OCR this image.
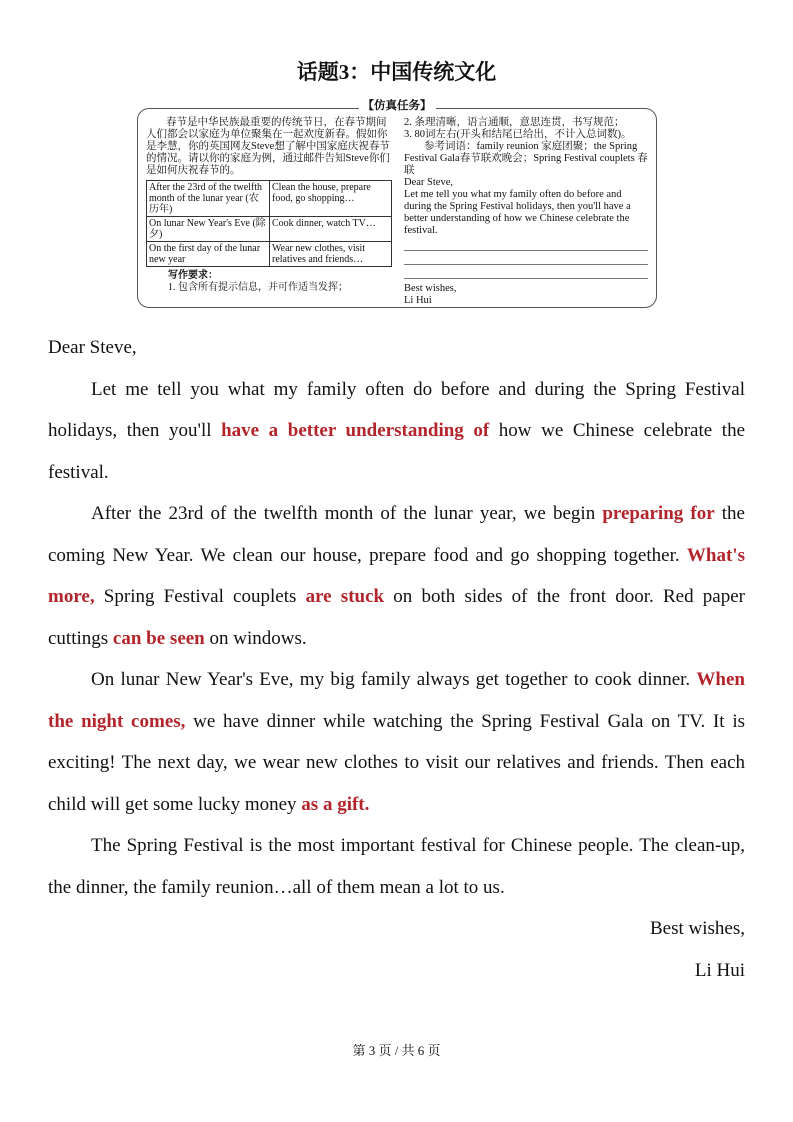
话题3：中国传统文化
【仿真任务】
春节是中华民族最重要的传统节日，在春节期间人们都会以家庭为单位聚集在一起欢度新春。假如你是李慧，你的英国网友Steve想了解中国家庭庆祝春节的情况。请以你的家庭为例，通过邮件告知Steve你们是如何庆祝春节的。
After the 23rd of the twelfth month of the lunar year (农历年)	Clean the house, prepare food, go shopping…
On lunar New Year's Eve (除夕)	Cook dinner, watch TV…
On the first day of the lunar new year	Wear new clothes, visit relatives and friends…
写作要求：
1. 包含所有提示信息，并可作适当发挥；
2. 条理清晰，语言通顺，意思连贯，书写规范；
3. 80词左右(开头和结尾已给出，不计入总词数)。
参考词语：family reunion 家庭团聚；the Spring Festival Gala春节联欢晚会；Spring Festival couplets 春联
Dear Steve,
Let me tell you what my family often do before and during the Spring Festival holidays, then you'll have a better understanding of how we Chinese celebrate the festival.
Best wishes,
Li Hui

Dear Steve,

Let me tell you what my family often do before and during the Spring Festival holidays, then you'll have a better understanding of how we Chinese celebrate the festival.

After the 23rd of the twelfth month of the lunar year, we begin preparing for the coming New Year. We clean our house, prepare food and go shopping together. What's more, Spring Festival couplets are stuck on both sides of the front door. Red paper cuttings can be seen on windows.

On lunar New Year's Eve, my big family always get together to cook dinner. When the night comes, we have dinner while watching the Spring Festival Gala on TV. It is exciting! The next day, we wear new clothes to visit our relatives and friends. Then each child will get some lucky money as a gift.

The Spring Festival is the most important festival for Chinese people. The clean-up, the dinner, the family reunion…all of them mean a lot to us.

Best wishes,

Li Hui

第 3 页 / 共 6 页
